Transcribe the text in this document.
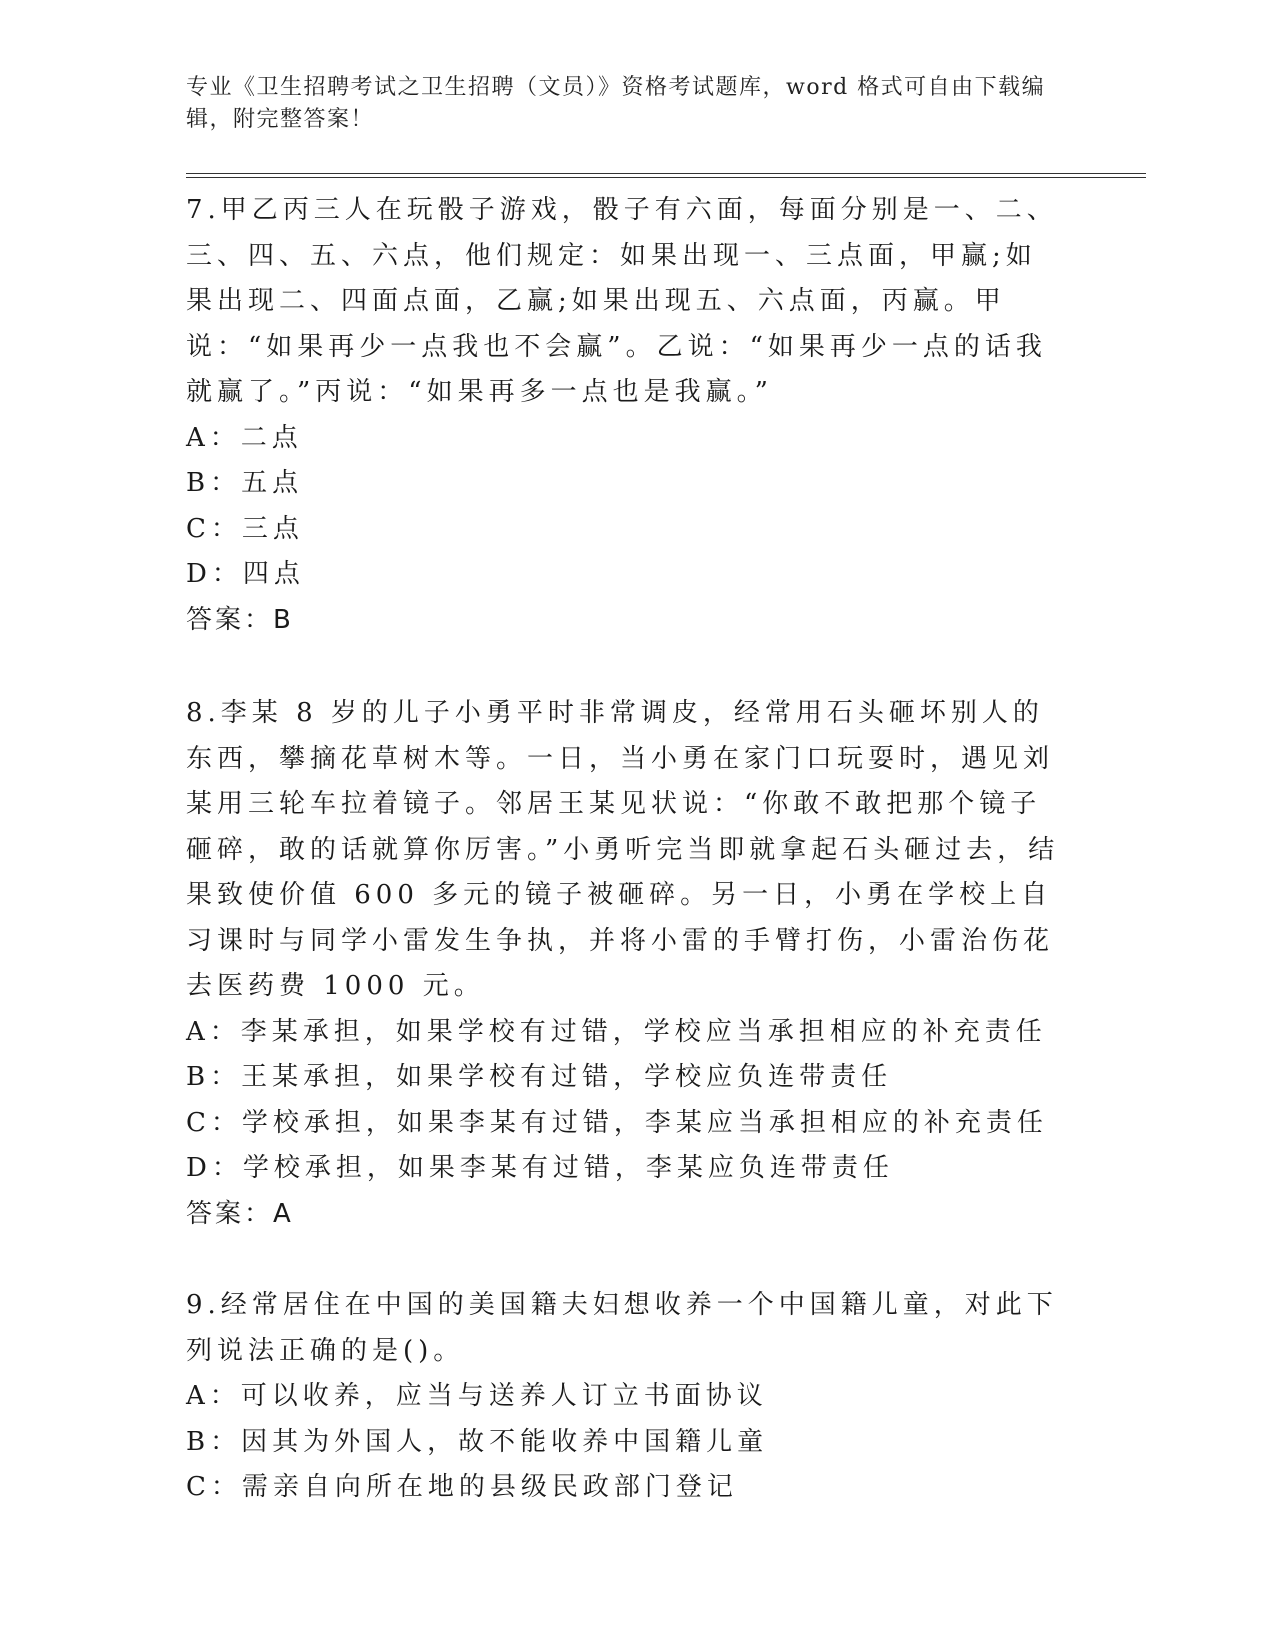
专业《卫生招聘考试之卫生招聘（文员）》资格考试题库，word 格式可自由下载编辑，附完整答案！

7.甲乙丙三人在玩骰子游戏，骰子有六面，每面分别是一、二、三、四、五、六点，他们规定：如果出现一、三点面，甲赢;如果出现二、四面点面，乙赢;如果出现五、六点面，丙赢。甲说：“如果再少一点我也不会赢”。乙说：“如果再少一点的话我就赢了。”丙说：“如果再多一点也是我赢。”

A：二点

B：五点

C：三点

D：四点

答案：B

8.李某 8 岁的儿子小勇平时非常调皮，经常用石头砸坏别人的东西，攀摘花草树木等。一日，当小勇在家门口玩耍时，遇见刘某用三轮车拉着镜子。邻居王某见状说：“你敢不敢把那个镜子砸碎，敢的话就算你厉害。”小勇听完当即就拿起石头砸过去，结果致使价值 600 多元的镜子被砸碎。另一日，小勇在学校上自习课时与同学小雷发生争执，并将小雷的手臂打伤，小雷治伤花去医药费 1000 元。

A：李某承担，如果学校有过错，学校应当承担相应的补充责任

B：王某承担，如果学校有过错，学校应负连带责任

C：学校承担，如果李某有过错，李某应当承担相应的补充责任

D：学校承担，如果李某有过错，李某应负连带责任

答案：A

9.经常居住在中国的美国籍夫妇想收养一个中国籍儿童，对此下列说法正确的是()。

A：可以收养，应当与送养人订立书面协议

B：因其为外国人，故不能收养中国籍儿童

C：需亲自向所在地的县级民政部门登记
